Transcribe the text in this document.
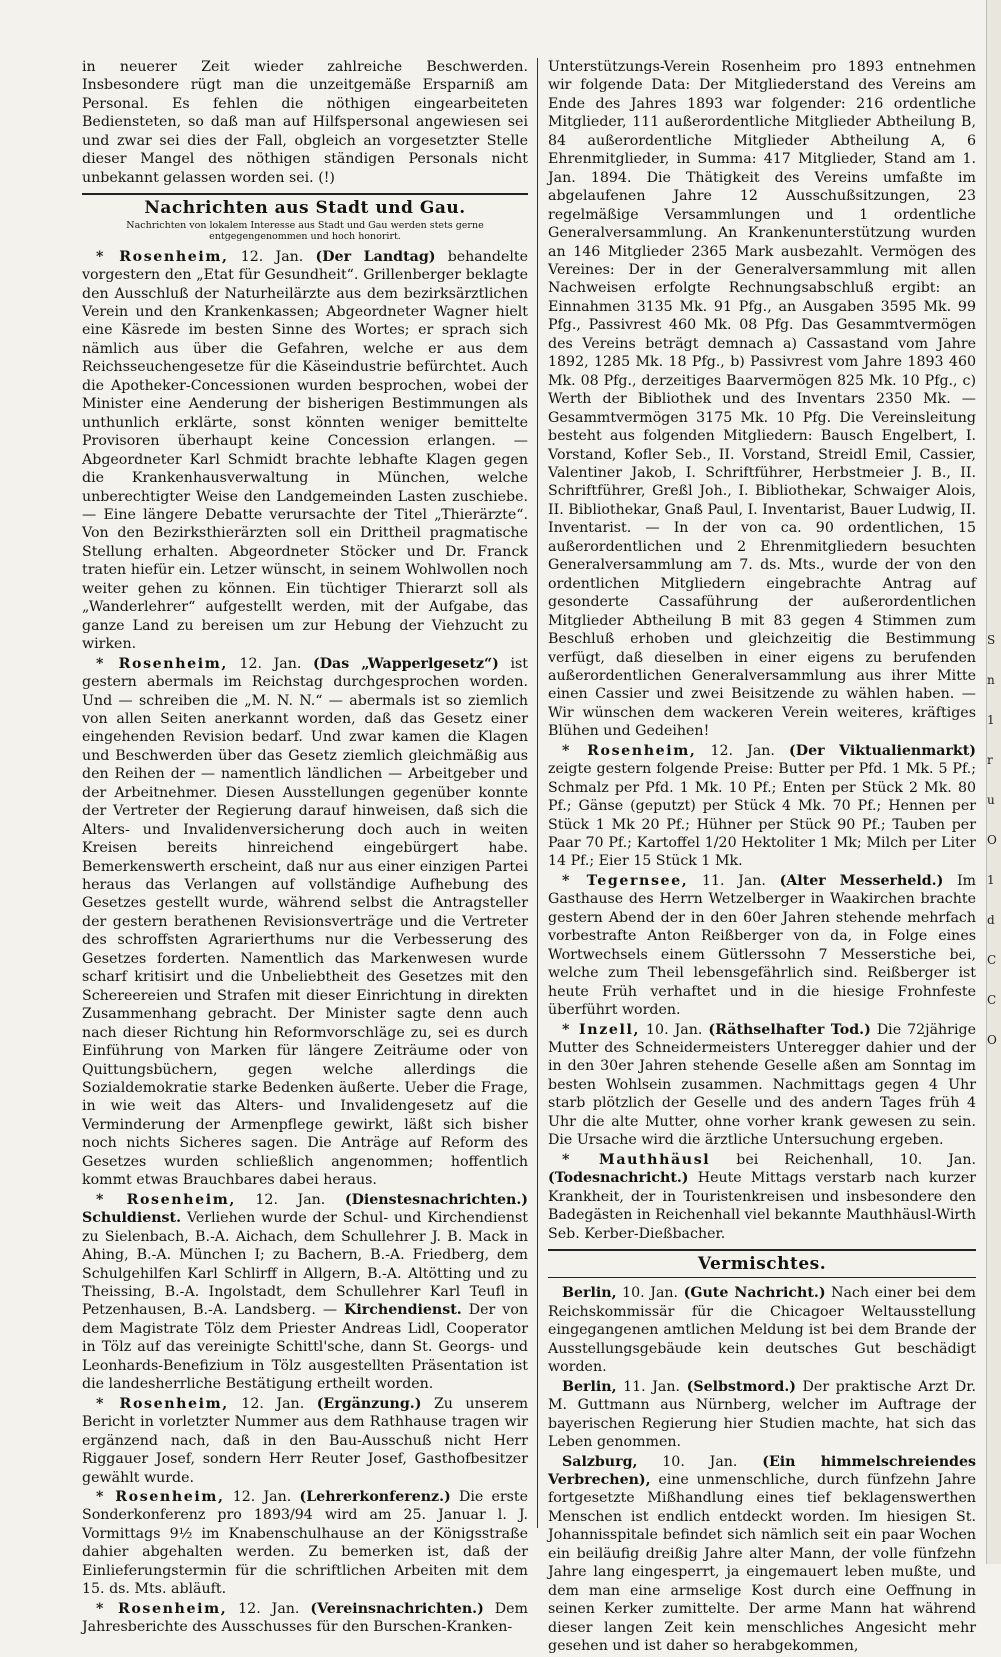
in neuerer Zeit wieder zahlreiche Beschwerden. Insbesondere rügt man die unzeitgemäße Ersparniß am Personal. Es fehlen die nöthigen eingearbeiteten Bediensteten, so daß man auf Hilfspersonal angewiesen sei und zwar sei dies der Fall, obgleich an vorgesetzter Stelle dieser Mangel des nöthigen ständigen Personals nicht unbekannt gelassen worden sei. (!)

Nachrichten aus Stadt und Gau.
Nachrichten von lokalem Interesse aus Stadt und Gau werden stets gerne entgegengenommen und hoch honorirt.

* Rosenheim, 12. Jan. (Der Landtag) behandelte vorgestern den „Etat für Gesundheit“. Grillenberger beklagte den Ausschluß der Naturheilärzte aus dem bezirksärztlichen Verein und den Krankenkassen; Abgeordneter Wagner hielt eine Käsrede im besten Sinne des Wortes; er sprach sich nämlich aus über die Gefahren, welche er aus dem Reichsseuchengesetze für die Käseindustrie befürchtet. Auch die Apotheker-Concessionen wurden besprochen, wobei der Minister eine Aenderung der bisherigen Bestimmungen als unthunlich erklärte, sonst könnten weniger bemittelte Provisoren überhaupt keine Concession erlangen. — Abgeordneter Karl Schmidt brachte lebhafte Klagen gegen die Krankenhausverwaltung in München, welche unberechtigter Weise den Landgemeinden Lasten zuschiebe. — Eine längere Debatte verursachte der Titel „Thierärzte“. Von den Bezirksthierärzten soll ein Drittheil pragmatische Stellung erhalten. Abgeordneter Stöcker und Dr. Franck traten hiefür ein. Letzer wünscht, in seinem Wohlwollen noch weiter gehen zu können. Ein tüchtiger Thierarzt soll als „Wanderlehrer“ aufgestellt werden, mit der Aufgabe, das ganze Land zu bereisen um zur Hebung der Viehzucht zu wirken.

* Rosenheim, 12. Jan. (Das „Wapperlgesetz“) ist gestern abermals im Reichstag durchgesprochen worden. Und — schreiben die „M. N. N.“ — abermals ist so ziemlich von allen Seiten anerkannt worden, daß das Gesetz einer eingehenden Revision bedarf. Und zwar kamen die Klagen und Beschwerden über das Gesetz ziemlich gleichmäßig aus den Reihen der — namentlich ländlichen — Arbeitgeber und der Arbeitnehmer. Diesen Ausstellungen gegenüber konnte der Vertreter der Regierung darauf hinweisen, daß sich die Alters- und Invalidenversicherung doch auch in weiten Kreisen bereits hinreichend eingebürgert habe. Bemerkenswerth erscheint, daß nur aus einer einzigen Partei heraus das Verlangen auf vollständige Aufhebung des Gesetzes gestellt wurde, während selbst die Antragsteller der gestern berathenen Revisionsverträge und die Vertreter des schroffsten Agrarierthums nur die Verbesserung des Gesetzes forderten. Namentlich das Markenwesen wurde scharf kritisirt und die Unbeliebtheit des Gesetzes mit den Schereereien und Strafen mit dieser Einrichtung in direkten Zusammenhang gebracht. Der Minister sagte denn auch nach dieser Richtung hin Reformvorschläge zu, sei es durch Einführung von Marken für längere Zeiträume oder von Quittungsbüchern, gegen welche allerdings die Sozialdemokratie starke Bedenken äußerte. Ueber die Frage, in wie weit das Alters- und Invalidengesetz auf die Verminderung der Armenpflege gewirkt, läßt sich bisher noch nichts Sicheres sagen. Die Anträge auf Reform des Gesetzes wurden schließlich angenommen; hoffentlich kommt etwas Brauchbares dabei heraus.

* Rosenheim, 12. Jan. (Dienstesnachrichten.) Schuldienst. Verliehen wurde der Schul- und Kirchendienst zu Sielenbach, B.-A. Aichach, dem Schullehrer J. B. Mack in Ahing, B.-A. München I; zu Bachern, B.-A. Friedberg, dem Schulgehilfen Karl Schlirff in Allgern, B.-A. Altötting und zu Theissing, B.-A. Ingolstadt, dem Schullehrer Karl Teufl in Petzenhausen, B.-A. Landsberg. — Kirchendienst. Der von dem Magistrate Tölz dem Priester Andreas Lidl, Cooperator in Tölz auf das vereinigte Schittl'sche, dann St. Georgs- und Leonhards-Benefizium in Tölz ausgestellten Präsentation ist die landesherrliche Bestätigung ertheilt worden.

* Rosenheim, 12. Jan. (Ergänzung.) Zu unserem Bericht in vorletzter Nummer aus dem Rathhause tragen wir ergänzend nach, daß in den Bau-Ausschuß nicht Herr Riggauer Josef, sondern Herr Reuter Josef, Gasthofbesitzer gewählt wurde.

* Rosenheim, 12. Jan. (Lehrerkonferenz.) Die erste Sonderkonferenz pro 1893/94 wird am 25. Januar l. J. Vormittags 9½ im Knabenschulhause an der Königsstraße dahier abgehalten werden. Zu bemerken ist, daß der Einlieferungstermin für die schriftlichen Arbeiten mit dem 15. ds. Mts. abläuft.

* Rosenheim, 12. Jan. (Vereinsnachrichten.) Dem Jahresberichte des Ausschusses für den Burschen-Kranken-

Unterstützungs-Verein Rosenheim pro 1893 entnehmen wir folgende Data: Der Mitgliederstand des Vereins am Ende des Jahres 1893 war folgender: 216 ordentliche Mitglieder, 111 außerordentliche Mitglieder Abtheilung B, 84 außerordentliche Mitglieder Abtheilung A, 6 Ehrenmitglieder, in Summa: 417 Mitglieder, Stand am 1. Jan. 1894. Die Thätigkeit des Vereins umfaßte im abgelaufenen Jahre 12 Ausschußsitzungen, 23 regelmäßige Versammlungen und 1 ordentliche Generalversammlung. An Krankenunterstützung wurden an 146 Mitglieder 2365 Mark ausbezahlt. Vermögen des Vereines: Der in der Generalversammlung mit allen Nachweisen erfolgte Rechnungsabschluß ergibt: an Einnahmen 3135 Mk. 91 Pfg., an Ausgaben 3595 Mk. 99 Pfg., Passivrest 460 Mk. 08 Pfg. Das Gesammtvermögen des Vereins beträgt demnach a) Cassastand vom Jahre 1892, 1285 Mk. 18 Pfg., b) Passivrest vom Jahre 1893 460 Mk. 08 Pfg., derzeitiges Baarvermögen 825 Mk. 10 Pfg., c) Werth der Bibliothek und des Inventars 2350 Mk. — Gesammtvermögen 3175 Mk. 10 Pfg. Die Vereinsleitung besteht aus folgenden Mitgliedern: Bausch Engelbert, I. Vorstand, Kofler Seb., II. Vorstand, Streidl Emil, Cassier, Valentiner Jakob, I. Schriftführer, Herbstmeier J. B., II. Schriftführer, Greßl Joh., I. Bibliothekar, Schwaiger Alois, II. Bibliothekar, Gnaß Paul, I. Inventarist, Bauer Ludwig, II. Inventarist. — In der von ca. 90 ordentlichen, 15 außerordentlichen und 2 Ehrenmitgliedern besuchten Generalversammlung am 7. ds. Mts., wurde der von den ordentlichen Mitgliedern eingebrachte Antrag auf gesonderte Cassaführung der außerordentlichen Mitglieder Abtheilung B mit 83 gegen 4 Stimmen zum Beschluß erhoben und gleichzeitig die Bestimmung verfügt, daß dieselben in einer eigens zu berufenden außerordentlichen Generalversammlung aus ihrer Mitte einen Cassier und zwei Beisitzende zu wählen haben. — Wir wünschen dem wackeren Verein weiteres, kräftiges Blühen und Gedeihen!

* Rosenheim, 12. Jan. (Der Viktualienmarkt) zeigte gestern folgende Preise: Butter per Pfd. 1 Mk. 5 Pf.; Schmalz per Pfd. 1 Mk. 10 Pf.; Enten per Stück 2 Mk. 80 Pf.; Gänse (geputzt) per Stück 4 Mk. 70 Pf.; Hennen per Stück 1 Mk 20 Pf.; Hühner per Stück 90 Pf.; Tauben per Paar 70 Pf.; Kartoffel 1/20 Hektoliter 1 Mk; Milch per Liter 14 Pf.; Eier 15 Stück 1 Mk.

* Tegernsee, 11. Jan. (Alter Messerheld.) Im Gasthause des Herrn Wetzelberger in Waakirchen brachte gestern Abend der in den 60er Jahren stehende mehrfach vorbestrafte Anton Reißberger von da, in Folge eines Wortwechsels einem Gütlerssohn 7 Messerstiche bei, welche zum Theil lebensgefährlich sind. Reißberger ist heute Früh verhaftet und in die hiesige Frohnfeste überführt worden.

* Inzell, 10. Jan. (Räthselhafter Tod.) Die 72jährige Mutter des Schneidermeisters Unteregger dahier und der in den 30er Jahren stehende Geselle aßen am Sonntag im besten Wohlsein zusammen. Nachmittags gegen 4 Uhr starb plötzlich der Geselle und des andern Tages früh 4 Uhr die alte Mutter, ohne vorher krank gewesen zu sein. Die Ursache wird die ärztliche Untersuchung ergeben.

* Mauthhäusl bei Reichenhall, 10. Jan. (Todesnachricht.) Heute Mittags verstarb nach kurzer Krankheit, der in Touristenkreisen und insbesondere den Badegästen in Reichenhall viel bekannte Mauthhäusl-Wirth Seb. Kerber-Dießbacher.

Vermischtes.

Berlin, 10. Jan. (Gute Nachricht.) Nach einer bei dem Reichskommissär für die Chicagoer Weltausstellung eingegangenen amtlichen Meldung ist bei dem Brande der Ausstellungsgebäude kein deutsches Gut beschädigt worden.

Berlin, 11. Jan. (Selbstmord.) Der praktische Arzt Dr. M. Guttmann aus Nürnberg, welcher im Auftrage der bayerischen Regierung hier Studien machte, hat sich das Leben genommen.

Salzburg, 10. Jan. (Ein himmelschreiendes Verbrechen), eine unmenschliche, durch fünfzehn Jahre fortgesetzte Mißhandlung eines tief beklagenswerthen Menschen ist endlich entdeckt worden. Im hiesigen St. Johannisspitale befindet sich nämlich seit ein paar Wochen ein beiläufig dreißig Jahre alter Mann, der volle fünfzehn Jahre lang eingesperrt, ja eingemauert leben mußte, und dem man eine armselige Kost durch eine Oeffnung in seinen Kerker zumittelte. Der arme Mann hat während dieser langen Zeit kein menschliches Angesicht mehr gesehen und ist daher so herabgekommen,

S
n
1
r
u
O
1
d
C
C
O
